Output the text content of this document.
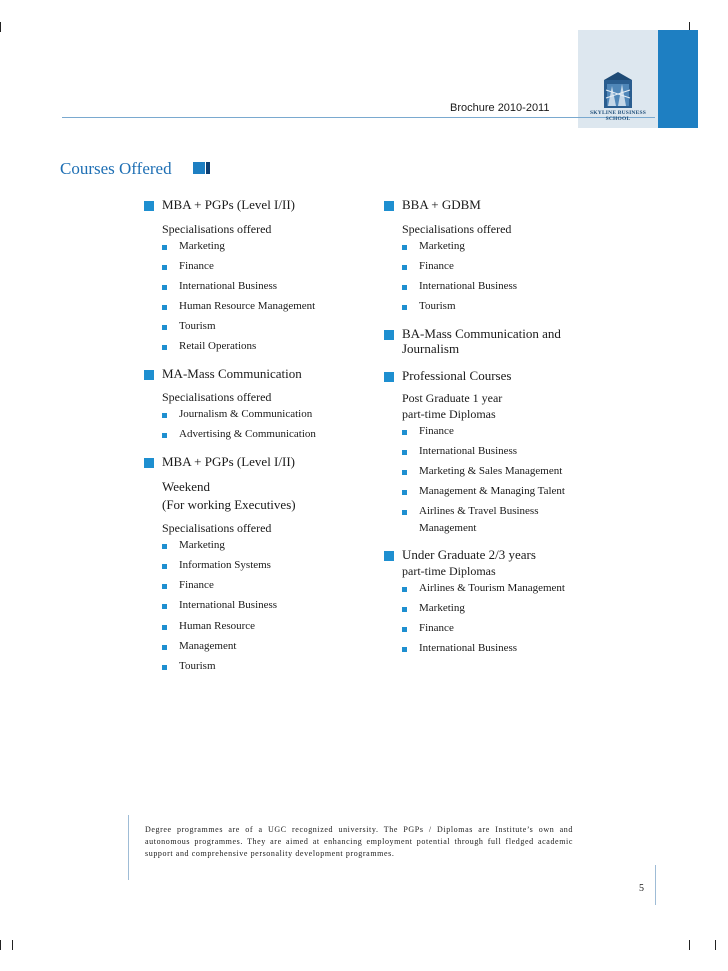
Brochure 2010-2011	SKYLINE BUSINESS SCHOOL
Courses Offered
MBA + PGPs (Level I/II)
Specialisations offered
Marketing
Finance
International Business
Human Resource Management
Tourism
Retail Operations
MA-Mass Communication
Specialisations offered
Journalism & Communication
Advertising & Communication
MBA + PGPs (Level I/II)
Weekend
(For working Executives)
Specialisations offered
Marketing
Information Systems
Finance
International Business
Human Resource
Management
Tourism
BBA + GDBM
Specialisations offered
Marketing
Finance
International Business
Tourism
BA-Mass Communication and
Journalism
Professional Courses
Post Graduate 1 year
part-time Diplomas
Finance
International Business
Marketing & Sales Management
Management & Managing Talent
Airlines & Travel Business
Management
Under Graduate 2/3 years
part-time Diplomas
Airlines & Tourism Management
Marketing
Finance
International Business
Degree programmes are of a UGC recognized university. The PGPs / Diplomas are Institute’s own and autonomous programmes. They are aimed at enhancing employment potential through full fledged academic support and comprehensive personality development programmes.
5
